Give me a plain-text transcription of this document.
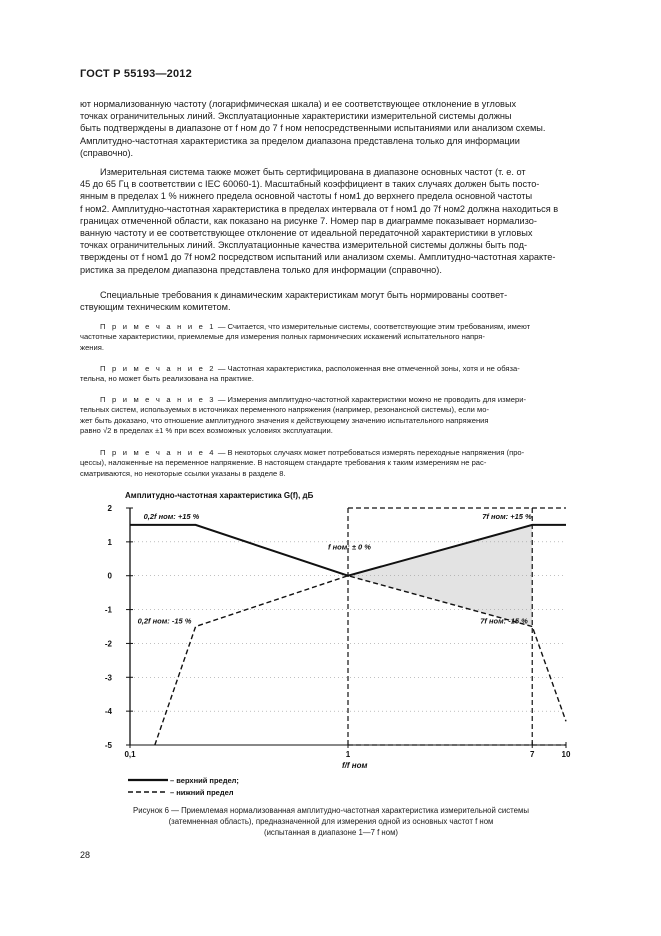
ГОСТ Р 55193—2012

ют нормализованную частоту (логарифмическая шкала) и ее соответствующее отклонение в угловых

точках ограничительных линий. Эксплуатационные характеристики измерительной системы должны

быть подтверждены в диапазоне от f ном до 7 f ном непосредственными испытаниями или анализом схемы.

Амплитудно-частотная характеристика за пределом диапазона представлена только для информации

(справочно).

Измерительная система также может быть сертифицирована в диапазоне основных частот (т. е. от

45 до 65 Гц в соответствии с IEC 60060-1). Масштабный коэффициент в таких случаях должен быть посто-

янным в пределах 1 % нижнего предела основной частоты f ном1 до верхнего предела основной частоты

f ном2. Амплитудно-частотная характеристика в пределах интервала от f ном1 до 7f ном2 должна находиться в

границах отмеченной области, как показано на рисунке 7. Номер пар в диаграмме показывает нормализо-

ванную частоту и ее соответствующее отклонение от идеальной передаточной характеристики в угловых

точках ограничительных линий. Эксплуатационные качества измерительной системы должны быть под-

тверждены от f ном1 до 7f ном2 посредством испытаний или анализом схемы. Амплитудно-частотная характе-

ристика за пределом диапазона представлена только для информации (справочно).

Специальные требования к динамическим характеристикам могут быть нормированы соответ-

ствующим техническим комитетом.

П р и м е ч а н и е 1 — Считается, что измерительные системы, соответствующие этим требованиям, имеют

частотные характеристики, приемлемые для измерения полных гармонических искажений испытательного напря-

жения.

П р и м е ч а н и е 2 — Частотная характеристика, расположенная вне отмеченной зоны, хотя и не обяза-

тельна, но может быть реализована на практике.

П р и м е ч а н и е 3 — Измерения амплитудно-частотной характеристики можно не проводить для измери-

тельных систем, используемых в источниках переменного напряжения (например, резонансной системы), если мо-

жет быть доказано, что отношение амплитудного значения к действующему значению испытательного напряжения

равно √2 в пределах ±1 % при всех возможных условиях эксплуатации.

П р и м е ч а н и е 4 — В некоторых случаях может потребоваться измерять переходные напряжения (про-

цессы), наложенные на переменное напряжение. В настоящем стандарте требования к таким измерениям не рас-

сматриваются, но некоторые ссылки указаны в разделе 8.

2
1
0
-1
-2
-3
-4
-5
0,1	1	7	10
Амплитудно-частотная характеристика G(f), дБ
f/f ном
0,2f ном: +15 %	7f ном: +15 %
f ном: ± 0 %
0,2f ном: -15 %	7f ном: -15 %
– верхний предел;
– нижний предел
Рисунок 6 — Приемлемая нормализованная амплитудно-частотная характеристика измерительной системы
(затемненная область), предназначенной для измерения одной из основных частот f ном
(испытанная в диапазоне 1—7 f ном)
28
